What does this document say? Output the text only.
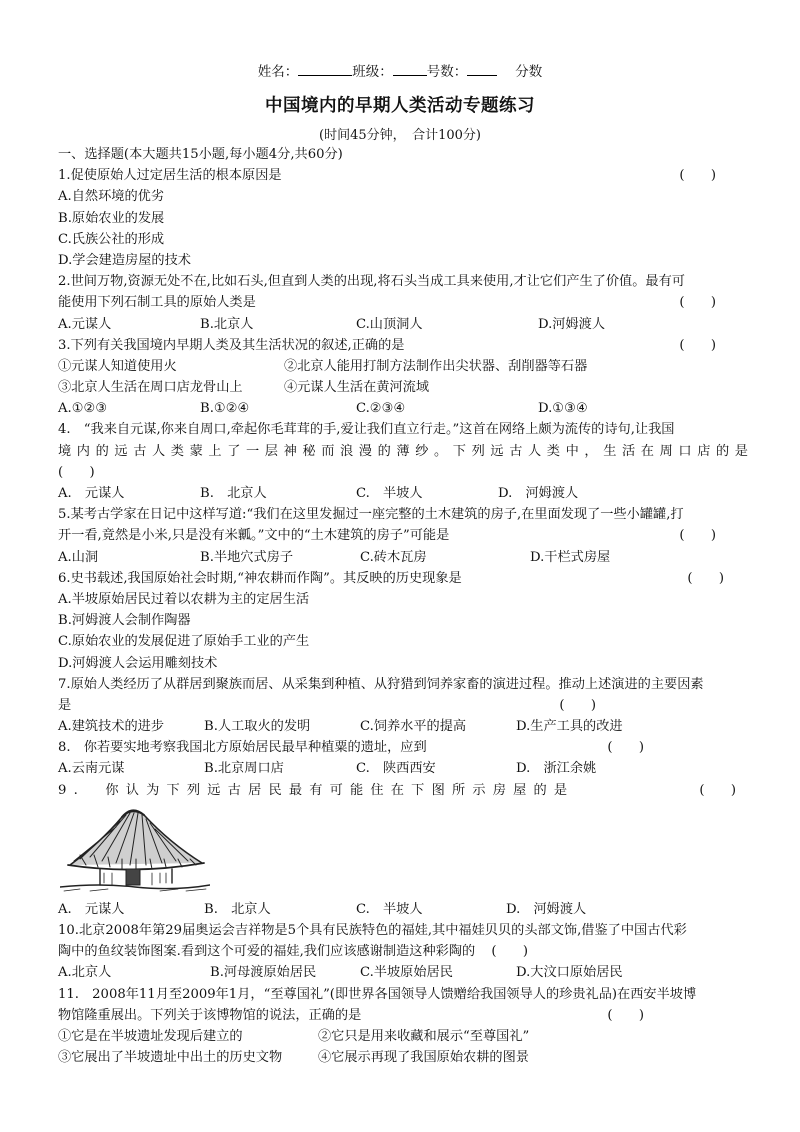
姓名：	班级：	号数：	分数
中国境内的早期人类活动专题练习
(时间45分钟，　合计100分)
一、选择题(本大题共15小题,每小题4分,共60分)
1.促使原始人过定居生活的根本原因是	(　　)
A.自然环境的优劣
B.原始农业的发展
C.氏族公社的形成
D.学会建造房屋的技术
2.世间万物,资源无处不在,比如石头,但直到人类的出现,将石头当成工具来使用,才让它们产生了价值。最有可
能使用下列石制工具的原始人类是	(　　)
A.元谋人	B.北京人	C.山顶洞人	D.河姆渡人
3.下列有关我国境内早期人类及其生活状况的叙述,正确的是	(　　)
①元谋人知道使用火	②北京人能用打制方法制作出尖状器、刮削器等石器
③北京人生活在周口店龙骨山上	④元谋人生活在黄河流域
A.①②③	B.①②④	C.②③④	D.①③④
4.　“我来自元谋,你来自周口,牵起你毛茸茸的手,爱让我们直立行走。”这首在网络上颇为流传的诗句,让我国
境内的远古人类蒙上了一层神秘而浪漫的薄纱。下列远古人类中，生活在周口店的是
(　　)
A.　元谋人	B.　北京人	C.　半坡人	D.　河姆渡人
5.某考古学家在日记中这样写道:“我们在这里发掘过一座完整的土木建筑的房子,在里面发现了一些小罐罐,打
开一看,竟然是小米,只是没有米瓤。”文中的“土木建筑的房子”可能是	(　　)
A.山洞	B.半地穴式房子	C.砖木瓦房	D.干栏式房屋
6.史书载述,我国原始社会时期,“神农耕而作陶”。其反映的历史现象是	(　　)
A.半坡原始居民过着以农耕为主的定居生活
B.河姆渡人会制作陶器
C.原始农业的发展促进了原始手工业的产生
D.河姆渡人会运用雕刻技术
7.原始人类经历了从群居到聚族而居、从采集到种植、从狩猎到饲养家畜的演进过程。推动上述演进的主要因素
是	(　　)
A.建筑技术的进步	B.人工取火的发明	C.饲养水平的提高	D.生产工具的改进
8.　你若要实地考察我国北方原始居民最早种植粟的遗址，应到	(　　)
A.云南元谋	B.北京周口店	C.　陕西西安	D.　浙江余姚
9.　你认为下列远古居民最有可能住在下图所示房屋的是	(　　)
A.　元谋人	B.　北京人	C.　半坡人	D.　河姆渡人
10.北京2008年第29届奥运会吉祥物是5个具有民族特色的福娃,其中福娃贝贝的头部文饰,借鉴了中国古代彩
陶中的鱼纹装饰图案.看到这个可爱的福娃,我们应该感谢制造这种彩陶的 (　　)
A.北京人	B.河母渡原始居民	C.半坡原始居民	D.大汶口原始居民
11.　2008年11月至2009年1月，“至尊国礼”(即世界各国领导人馈赠给我国领导人的珍贵礼品)在西安半坡博
物馆隆重展出。下列关于该博物馆的说法，正确的是	(　　)
①它是在半坡遗址发现后建立的	②它只是用来收藏和展示“至尊国礼”
③它展出了半坡遗址中出土的历史文物	④它展示再现了我国原始农耕的图景
